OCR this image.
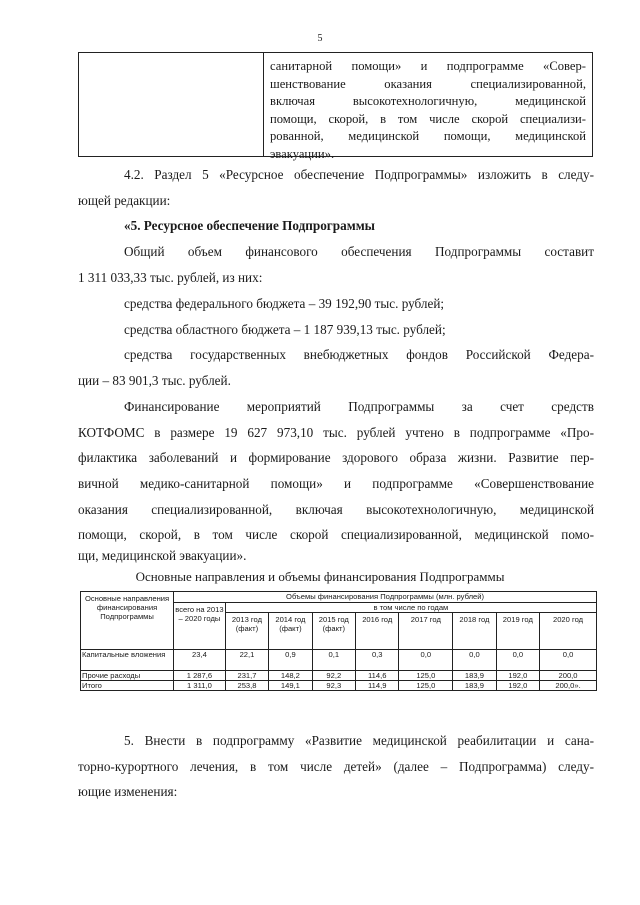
5
санитарной помощи» и подпрограмме «Совер-
шенствование оказания специализированной,
включая высокотехнологичную, медицинской
помощи, скорой, в том числе скорой специализи-
рованной, медицинской помощи, медицинской
эвакуации».
4.2. Раздел 5 «Ресурсное обеспечение Подпрограммы» изложить в следу-
ющей редакции:
«5. Ресурсное обеспечение Подпрограммы
Общий объем финансового обеспечения Подпрограммы составит
1 311 033,33 тыс. рублей, из них:
средства федерального бюджета – 39 192,90 тыс. рублей;
средства областного бюджета – 1 187 939,13 тыс. рублей;
средства государственных внебюджетных фондов Российской Федера-
ции – 83 901,3 тыс. рублей.
Финансирование мероприятий Подпрограммы за счет средств
КОТФОМС в размере 19 627 973,10 тыс. рублей учтено в подпрограмме «Про-
филактика заболеваний и формирование здорового образа жизни. Развитие пер-
вичной медико-санитарной помощи» и подпрограмме «Совершенствование
оказания специализированной, включая высокотехнологичную, медицинской
помощи, скорой, в том числе скорой специализированной, медицинской помо-
щи, медицинской эвакуации».
Основные направления и объемы финансирования Подпрограммы
Основные направления финансирования Подпрограммы	Объемы финансирования Подпрограммы (млн. рублей)								
	всего на 2013 – 2020 годы	в том числе по годам							
		2013 год (факт)	2014 год (факт)	2015 год (факт)	2016 год	2017 год	2018 год	2019 год	2020 год
Капитальные вложения	23,4	22,1	0,9	0,1	0,3	0,0	0,0	0,0	0,0
Прочие расходы	1 287,6	231,7	148,2	92,2	114,6	125,0	183,9	192,0	200,0
Итого	1 311,0	253,8	149,1	92,3	114,9	125,0	183,9	192,0	200,0».
5. Внести в подпрограмму «Развитие медицинской реабилитации и сана-
торно-курортного лечения, в том числе детей» (далее – Подпрограмма) следу-
ющие изменения:
